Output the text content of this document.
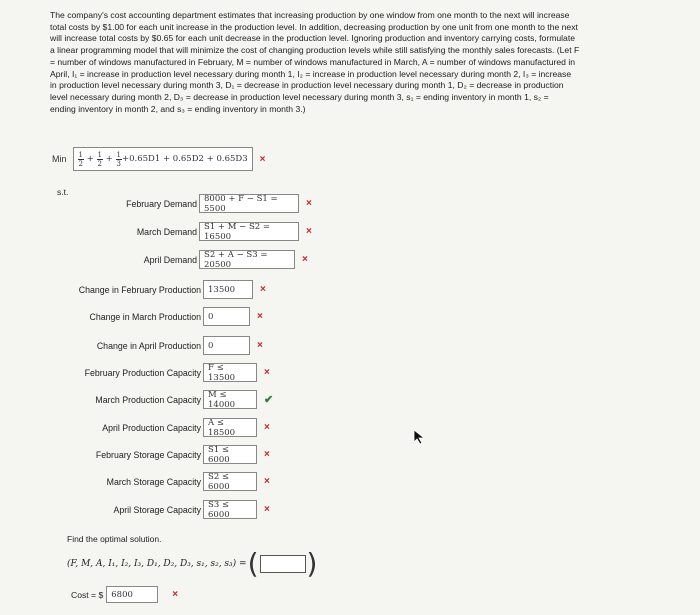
The company's cost accounting department estimates that increasing production by one window from one month to the next will increase
total costs by $1.00 for each unit increase in the production level. In addition, decreasing production by one unit from one month to the next
will increase total costs by $0.65 for each unit decrease in the production level. Ignoring production and inventory carrying costs, formulate
a linear programming model that will minimize the cost of changing production levels while still satisfying the monthly sales forecasts. (Let F
= number of windows manufactured in February, M = number of windows manufactured in March, A = number of windows manufactured in
April, I₁ = increase in production level necessary during month 1, I₂ = increase in production level necessary during month 2, I₃ = increase
in production level necessary during month 3, D₁ = decrease in production level necessary during month 1, D₂ = decrease in production
level necessary during month 2, D₃ = decrease in production level necessary during month 3, s₁ = ending inventory in month 1, s₂ =
ending inventory in month 2, and s₃ = ending inventory in month 3.)
Min $\frac{1}{2} + \frac{1}{2} + \frac{1}{3} +0.65D1 + 0.65D2 + 0.65D3$ ×
s.t.
February Demand 8000 + F − S1 = 5500	×
March Demand S1 + M − S2 = 16500	×
April Demand S2 + A − S3 = 20500	×
Change in February Production 13500	×
Change in March Production 0	×
Change in April Production 0	×
February Production Capacity F ≤ 13500	×
March Production Capacity M ≤ 14000	✔
April Production Capacity A ≤ 18500	×
February Storage Capacity S1 ≤ 6000	×
March Storage Capacity S2 ≤ 6000	×
April Storage Capacity S3 ≤ 6000	×
Find the optimal solution.
(F, M, A, I₁, I₂, I₃, D₁, D₂, D₃, s₁, s₂, s₃) = ( )
Cost = $ 6800	×
